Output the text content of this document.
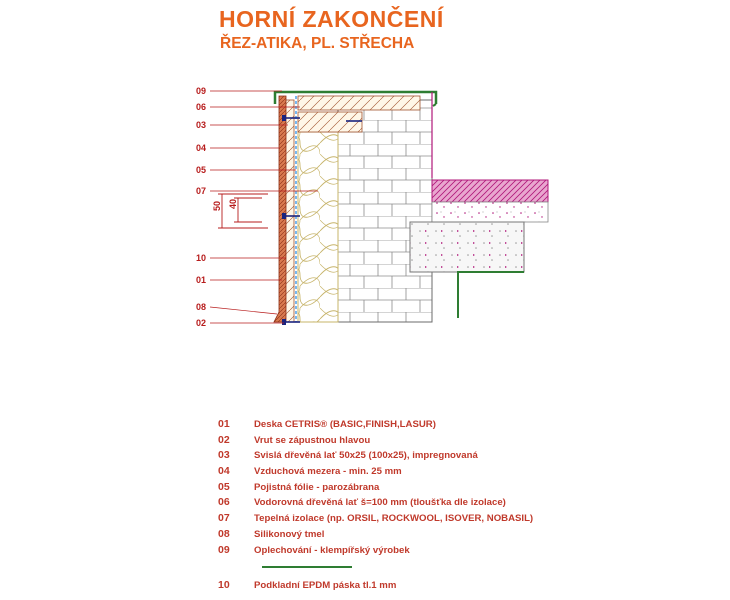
HORNÍ ZAKONČENÍ
ŘEZ-ATIKA, PL. STŘECHA
50 40
09
06
03
04
05
07
10
01
08
02
01	Deska CETRIS® (BASIC,FINISH,LASUR)
02	Vrut se zápustnou hlavou
03	Svislá dřevěná lať 50x25 (100x25), impregnovaná
04	Vzduchová mezera - min. 25 mm
05	Pojistná fólie - parozábrana
06	Vodorovná dřevěná lať š=100 mm (tloušťka dle izolace)
07	Tepelná izolace (np. ORSIL, ROCKWOOL, ISOVER, NOBASIL)
08	Silikonový tmel
09	Oplechování - klempířský výrobek
10	Podkladní EPDM páska tl.1 mm
